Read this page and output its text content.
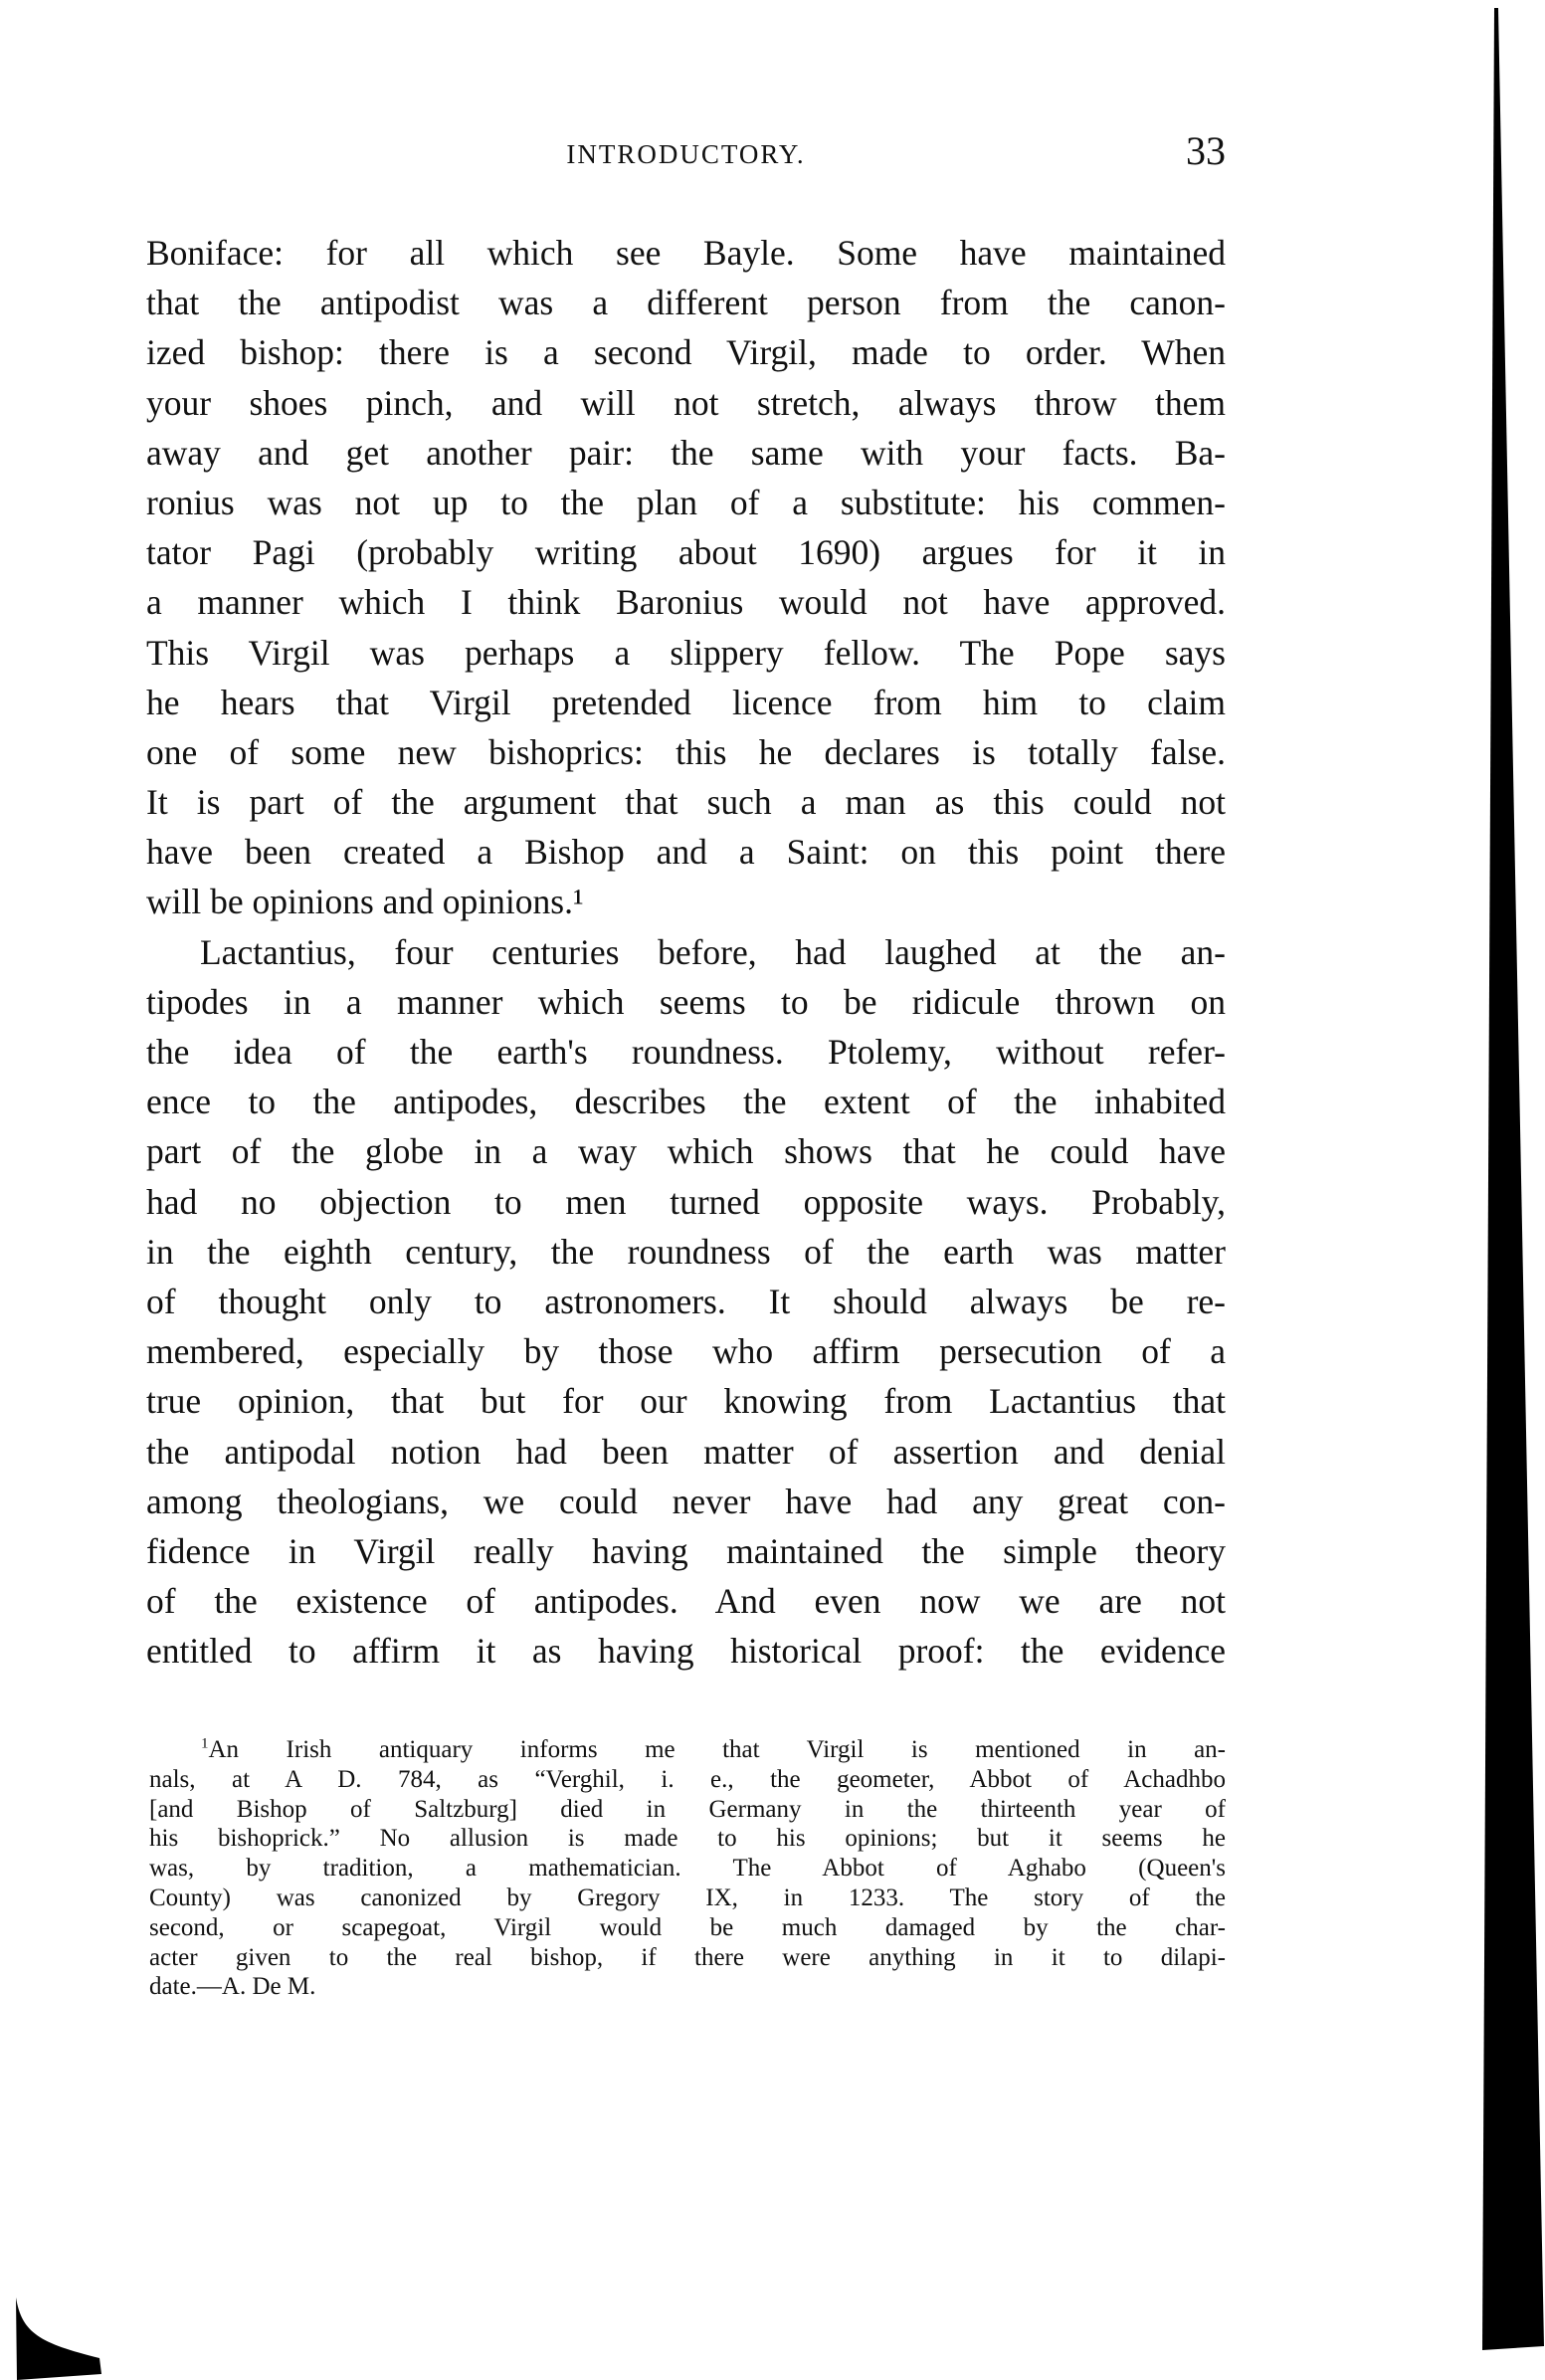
INTRODUCTORY.	33
Boniface: for all which see Bayle. Some have maintained
that the antipodist was a different person from the canon-
ized bishop: there is a second Virgil, made to order. When
your shoes pinch, and will not stretch, always throw them
away and get another pair: the same with your facts. Ba-
ronius was not up to the plan of a substitute: his commen-
tator Pagi (probably writing about 1690) argues for it in
a manner which I think Baronius would not have approved.
This Virgil was perhaps a slippery fellow. The Pope says
he hears that Virgil pretended licence from him to claim
one of some new bishoprics: this he declares is totally false.
It is part of the argument that such a man as this could not
have been created a Bishop and a Saint: on this point there
will be opinions and opinions.¹
Lactantius, four centuries before, had laughed at the an-
tipodes in a manner which seems to be ridicule thrown on
the idea of the earth's roundness. Ptolemy, without refer-
ence to the antipodes, describes the extent of the inhabited
part of the globe in a way which shows that he could have
had no objection to men turned opposite ways. Probably,
in the eighth century, the roundness of the earth was matter
of thought only to astronomers. It should always be re-
membered, especially by those who affirm persecution of a
true opinion, that but for our knowing from Lactantius that
the antipodal notion had been matter of assertion and denial
among theologians, we could never have had any great con-
fidence in Virgil really having maintained the simple theory
of the existence of antipodes. And even now we are not
entitled to affirm it as having historical proof: the evidence
$^1$An Irish antiquary informs me that Virgil is mentioned in an-
nals, at A D. 784, as “Verghil, i. e., the geometer, Abbot of Achadhbo
[and Bishop of Saltzburg] died in Germany in the thirteenth year of
his bishoprick.” No allusion is made to his opinions; but it seems he
was, by tradition, a mathematician. The Abbot of Aghabo (Queen's
County) was canonized by Gregory IX, in 1233. The story of the
second, or scapegoat, Virgil would be much damaged by the char-
acter given to the real bishop, if there were anything in it to dilapi-
date.—A. De M.
